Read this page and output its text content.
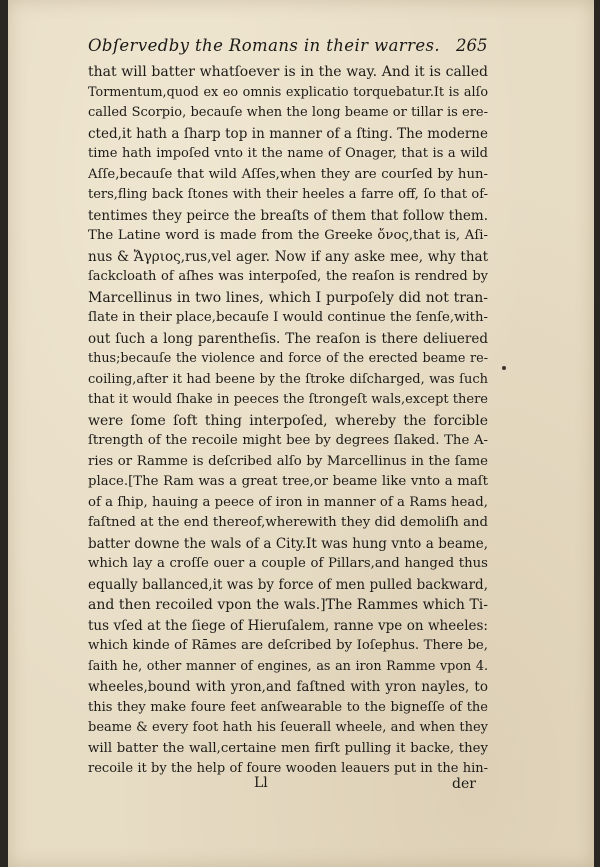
Obſervedby the Romans in their warres. 265
that will batter whatſoever is in the way. And it is called
Tormentum,quod ex eo omnis explicatio torquebatur.It is alſo
called Scorpio, becauſe when the long beame or tillar is ere-
cted,it hath a ſharp top in manner of a ſting. The moderne
time hath impoſed vnto it the name of Onager, that is a wild
Aſſe,becauſe that wild Aſſes,when they are courſed by hun-
ters,fling back ſtones with their heeles a farre off, ſo that of-
tentimes they peirce the breaſts of them that follow them.
The Latine word is made from the Greeke ὄνος,that is, Aſi-
nus & Ἄγριος,rus,vel ager. Now if any aske mee, why that
ſackcloath of aſhes was interpoſed, the reaſon is rendred by
Marcellinus in two lines, which I purpoſely did not tran-
ſlate in their place,becauſe I would continue the ſenſe,with-
out ſuch a long parentheſis. The reaſon is there deliuered
thus;becauſe the violence and force of the erected beame re-
coiling,after it had beene by the ſtroke diſcharged, was ſuch
that it would ſhake in peeces the ſtrongeſt wals,except there
were ſome ſoft thing interpoſed, whereby the forcible
ſtrength of the recoile might bee by degrees ſlaked. The A-
ries or Ramme is deſcribed alſo by Marcellinus in the ſame
place.[The Ram was a great tree,or beame like vnto a maſt
of a ſhip, hauing a peece of iron in manner of a Rams head,
faſtned at the end thereof,wherewith they did demoliſh and
batter downe the wals of a City.It was hung vnto a beame,
which lay a croſſe ouer a couple of Pillars,and hanged thus
equally ballanced,it was by force of men pulled backward,
and then recoiled vpon the wals.]The Rammes which Ti-
tus vſed at the ſiege of Hieruſalem, ranne vpe on wheeles:
which kinde of Rāmes are deſcribed by Ioſephus. There be,
ſaith he, other manner of engines, as an iron Ramme vpon 4.
wheeles,bound with yron,and faſtned with yron nayles, to
this they make foure feet anſwearable to the bigneſſe of the
beame & every foot hath his ſeuerall wheele, and when they
will batter the wall,certaine men firſt pulling it backe, they
recoile it by the help of foure wooden leauers put in the hin-
Ll	der
